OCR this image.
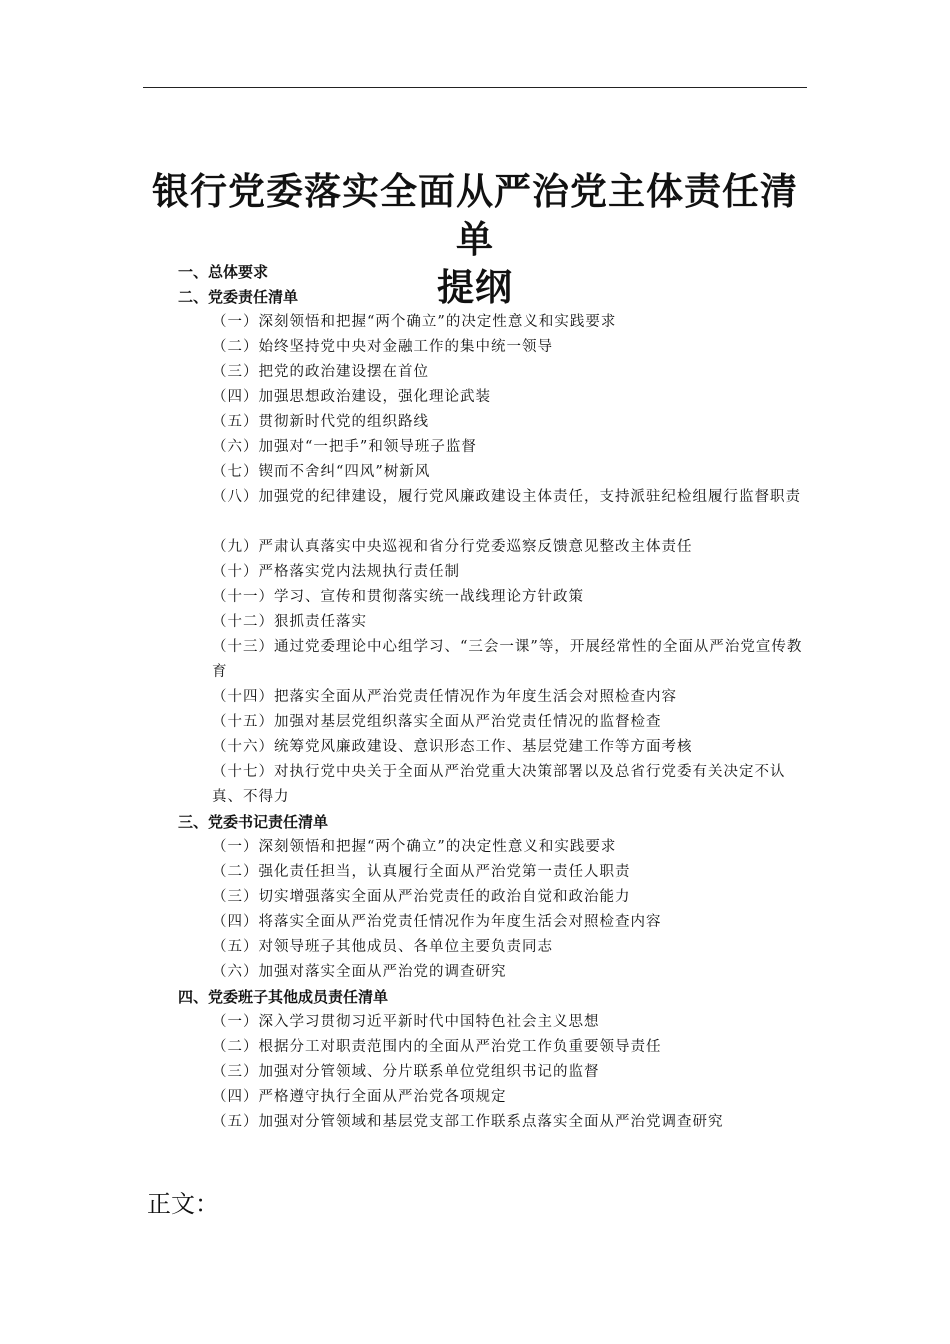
银行党委落实全面从严治党主体责任清单
提纲
一、总体要求
二、党委责任清单
（一）深刻领悟和把握“两个确立”的决定性意义和实践要求
（二）始终坚持党中央对金融工作的集中统一领导
（三）把党的政治建设摆在首位
（四）加强思想政治建设，强化理论武装
（五）贯彻新时代党的组织路线
（六）加强对“一把手”和领导班子监督
（七）锲而不舍纠“四风”树新风
（八）加强党的纪律建设，履行党风廉政建设主体责任，支持派驻纪检组履行监督职责
（九）严肃认真落实中央巡视和省分行党委巡察反馈意见整改主体责任
（十）严格落实党内法规执行责任制
（十一）学习、宣传和贯彻落实统一战线理论方针政策
（十二）狠抓责任落实
（十三）通过党委理论中心组学习、“三会一课”等，开展经常性的全面从严治党宣传教育
（十四）把落实全面从严治党责任情况作为年度生活会对照检查内容
（十五）加强对基层党组织落实全面从严治党责任情况的监督检查
（十六）统筹党风廉政建设、意识形态工作、基层党建工作等方面考核
（十七）对执行党中央关于全面从严治党重大决策部署以及总省行党委有关决定不认真、不得力
三、党委书记责任清单
（一）深刻领悟和把握“两个确立”的决定性意义和实践要求
（二）强化责任担当，认真履行全面从严治党第一责任人职责
（三）切实增强落实全面从严治党责任的政治自觉和政治能力
（四）将落实全面从严治党责任情况作为年度生活会对照检查内容
（五）对领导班子其他成员、各单位主要负责同志
（六）加强对落实全面从严治党的调查研究
四、党委班子其他成员责任清单
（一）深入学习贯彻习近平新时代中国特色社会主义思想
（二）根据分工对职责范围内的全面从严治党工作负重要领导责任
（三）加强对分管领域、分片联系单位党组织书记的监督
（四）严格遵守执行全面从严治党各项规定
（五）加强对分管领域和基层党支部工作联系点落实全面从严治党调查研究
正文：
